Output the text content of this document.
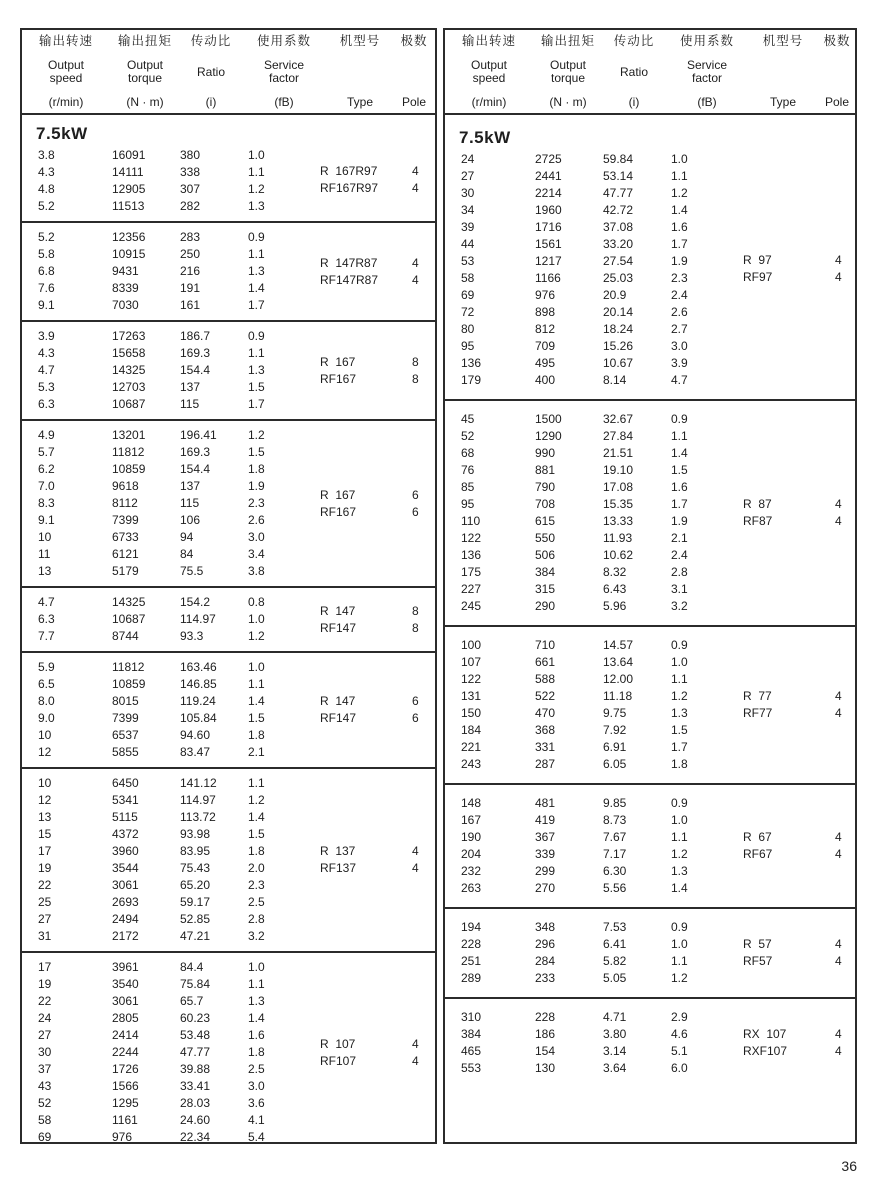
输出转速
Output
speed
(r/min)
输出扭矩
Output
torque
(N · m)
传动比
Ratio
(i)
使用系数
Service
factor
(fB)
机型号
Type
极数
Pole
7.5kW
3.8	16091	380	1.0
4.3	14111	338	1.1
4.8	12905	307	1.2
5.2	11513	282	1.3
R  167R97	4
RF167R97	4
5.2	12356	283	0.9
5.8	10915	250	1.1
6.8	9431	216	1.3
7.6	8339	191	1.4
9.1	7030	161	1.7
R  147R87	4
RF147R87	4
3.9	17263	186.7	0.9
4.3	15658	169.3	1.1
4.7	14325	154.4	1.3
5.3	12703	137	1.5
6.3	10687	115	1.7
R  167	8
RF167	8
4.9	13201	196.41	1.2
5.7	11812	169.3	1.5
6.2	10859	154.4	1.8
7.0	9618	137	1.9
8.3	8112	115	2.3
9.1	7399	106	2.6
10	6733	94	3.0
11	6121	84	3.4
13	5179	75.5	3.8
R  167	6
RF167	6
4.7	14325	154.2	0.8
6.3	10687	114.97	1.0
7.7	8744	93.3	1.2
R  147	8
RF147	8
5.9	11812	163.46	1.0
6.5	10859	146.85	1.1
8.0	8015	119.24	1.4
9.0	7399	105.84	1.5
10	6537	94.60	1.8
12	5855	83.47	2.1
R  147	6
RF147	6
10	6450	141.12	1.1
12	5341	114.97	1.2
13	5115	113.72	1.4
15	4372	93.98	1.5
17	3960	83.95	1.8
19	3544	75.43	2.0
22	3061	65.20	2.3
25	2693	59.17	2.5
27	2494	52.85	2.8
31	2172	47.21	3.2
R  137	4
RF137	4
17	3961	84.4	1.0
19	3540	75.84	1.1
22	3061	65.7	1.3
24	2805	60.23	1.4
27	2414	53.48	1.6
30	2244	47.77	1.8
37	1726	39.88	2.5
43	1566	33.41	3.0
52	1295	28.03	3.6
58	1161	24.60	4.1
69	976	22.34	5.4
R  107	4
RF107	4
输出转速
Output
speed
(r/min)
输出扭矩
Output
torque
(N · m)
传动比
Ratio
(i)
使用系数
Service
factor
(fB)
机型号
Type
极数
Pole
7.5kW
24	2725	59.84	1.0
27	2441	53.14	1.1
30	2214	47.77	1.2
34	1960	42.72	1.4
39	1716	37.08	1.6
44	1561	33.20	1.7
53	1217	27.54	1.9
58	1166	25.03	2.3
69	976	20.9	2.4
72	898	20.14	2.6
80	812	18.24	2.7
95	709	15.26	3.0
136	495	10.67	3.9
179	400	8.14	4.7
R  97	4
RF97	4
45	1500	32.67	0.9
52	1290	27.84	1.1
68	990	21.51	1.4
76	881	19.10	1.5
85	790	17.08	1.6
95	708	15.35	1.7
110	615	13.33	1.9
122	550	11.93	2.1
136	506	10.62	2.4
175	384	8.32	2.8
227	315	6.43	3.1
245	290	5.96	3.2
R  87	4
RF87	4
100	710	14.57	0.9
107	661	13.64	1.0
122	588	12.00	1.1
131	522	11.18	1.2
150	470	9.75	1.3
184	368	7.92	1.5
221	331	6.91	1.7
243	287	6.05	1.8
R  77	4
RF77	4
148	481	9.85	0.9
167	419	8.73	1.0
190	367	7.67	1.1
204	339	7.17	1.2
232	299	6.30	1.3
263	270	5.56	1.4
R  67	4
RF67	4
194	348	7.53	0.9
228	296	6.41	1.0
251	284	5.82	1.1
289	233	5.05	1.2
R  57	4
RF57	4
310	228	4.71	2.9
384	186	3.80	4.6
465	154	3.14	5.1
553	130	3.64	6.0
RX  107	4
RXF107	4
36
